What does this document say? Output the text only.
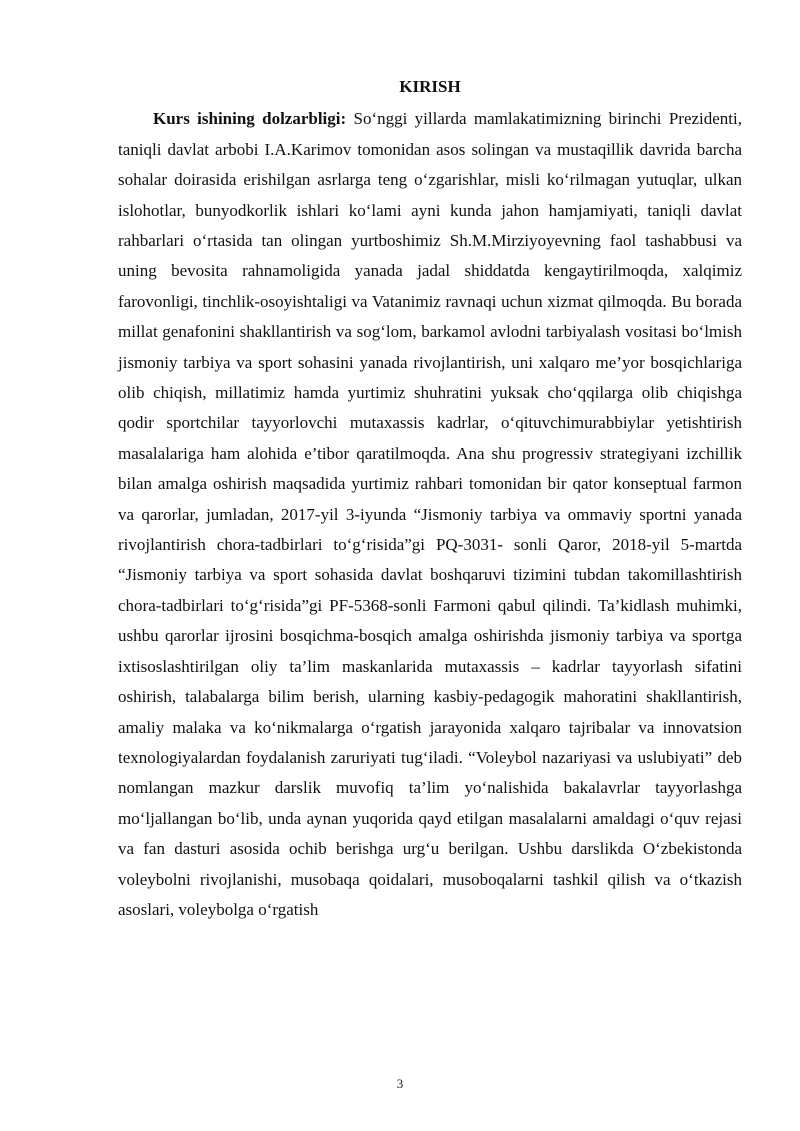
KIRISH

Kurs ishining dolzarbligi: So‘nggi yillarda mamlakatimizning birinchi Prezidenti, taniqli davlat arbobi I.A.Karimov tomonidan asos solingan va mustaqillik davrida barcha sohalar doirasida erishilgan asrlarga teng o‘zgarishlar, misli ko‘rilmagan yutuqlar, ulkan islohotlar, bunyodkorlik ishlari ko‘lami ayni kunda jahon hamjamiyati, taniqli davlat rahbarlari o‘rtasida tan olingan yurtboshimiz Sh.M.Mirziyoyevning faol tashabbusi va uning bevosita rahnamoligida yanada jadal shiddatda kengaytirilmoqda, xalqimiz farovonligi, tinchlik-osoyishtaligi va Vatanimiz ravnaqi uchun xizmat qilmoqda. Bu borada millat genafonini shakllantirish va sog‘lom, barkamol avlodni tarbiyalash vositasi bo‘lmish jismoniy tarbiya va sport sohasini yanada rivojlantirish, uni xalqaro me’yor bosqichlariga olib chiqish, millatimiz hamda yurtimiz shuhratini yuksak cho‘qqilarga olib chiqishga qodir sportchilar tayyorlovchi mutaxassis kadrlar, o‘qituvchimurabbiylar yetishtirish masalalariga ham alohida e’tibor qaratilmoqda. Ana shu progressiv strategiyani izchillik bilan amalga oshirish maqsadida yurtimiz rahbari tomonidan bir qator konseptual farmon va qarorlar, jumladan, 2017-yil 3-iyunda “Jismoniy tarbiya va ommaviy sportni yanada rivojlantirish chora-tadbirlari to‘g‘risida”gi PQ-3031- sonli Qaror, 2018-yil 5-martda “Jismoniy tarbiya va sport sohasida davlat boshqaruvi tizimini tubdan takomillashtirish chora-tadbirlari to‘g‘risida”gi PF-5368-sonli Farmoni qabul qilindi. Ta’kidlash muhimki, ushbu qarorlar ijrosini bosqichma-bosqich amalga oshirishda jismoniy tarbiya va sportga ixtisoslashtirilgan oliy ta’lim maskanlarida mutaxassis – kadrlar tayyorlash sifatini oshirish, talabalarga bilim berish, ularning kasbiy-pedagogik mahoratini shakllantirish, amaliy malaka va ko‘nikmalarga o‘rgatish jarayonida xalqaro tajribalar va innovatsion texnologiyalardan foydalanish zaruriyati tug‘iladi. “Voleybol nazariyasi va uslubiyati” deb nomlangan mazkur darslik muvofiq ta’lim yo‘nalishida bakalavrlar tayyorlashga mo‘ljallangan bo‘lib, unda aynan yuqorida qayd etilgan masalalarni amaldagi o‘quv rejasi va fan dasturi asosida ochib berishga urg‘u berilgan. Ushbu darslikda O‘zbekistonda voleybolni rivojlanishi, musobaqa qoidalari, musoboqalarni tashkil qilish va o‘tkazish asoslari, voleybolga o‘rgatish

3
